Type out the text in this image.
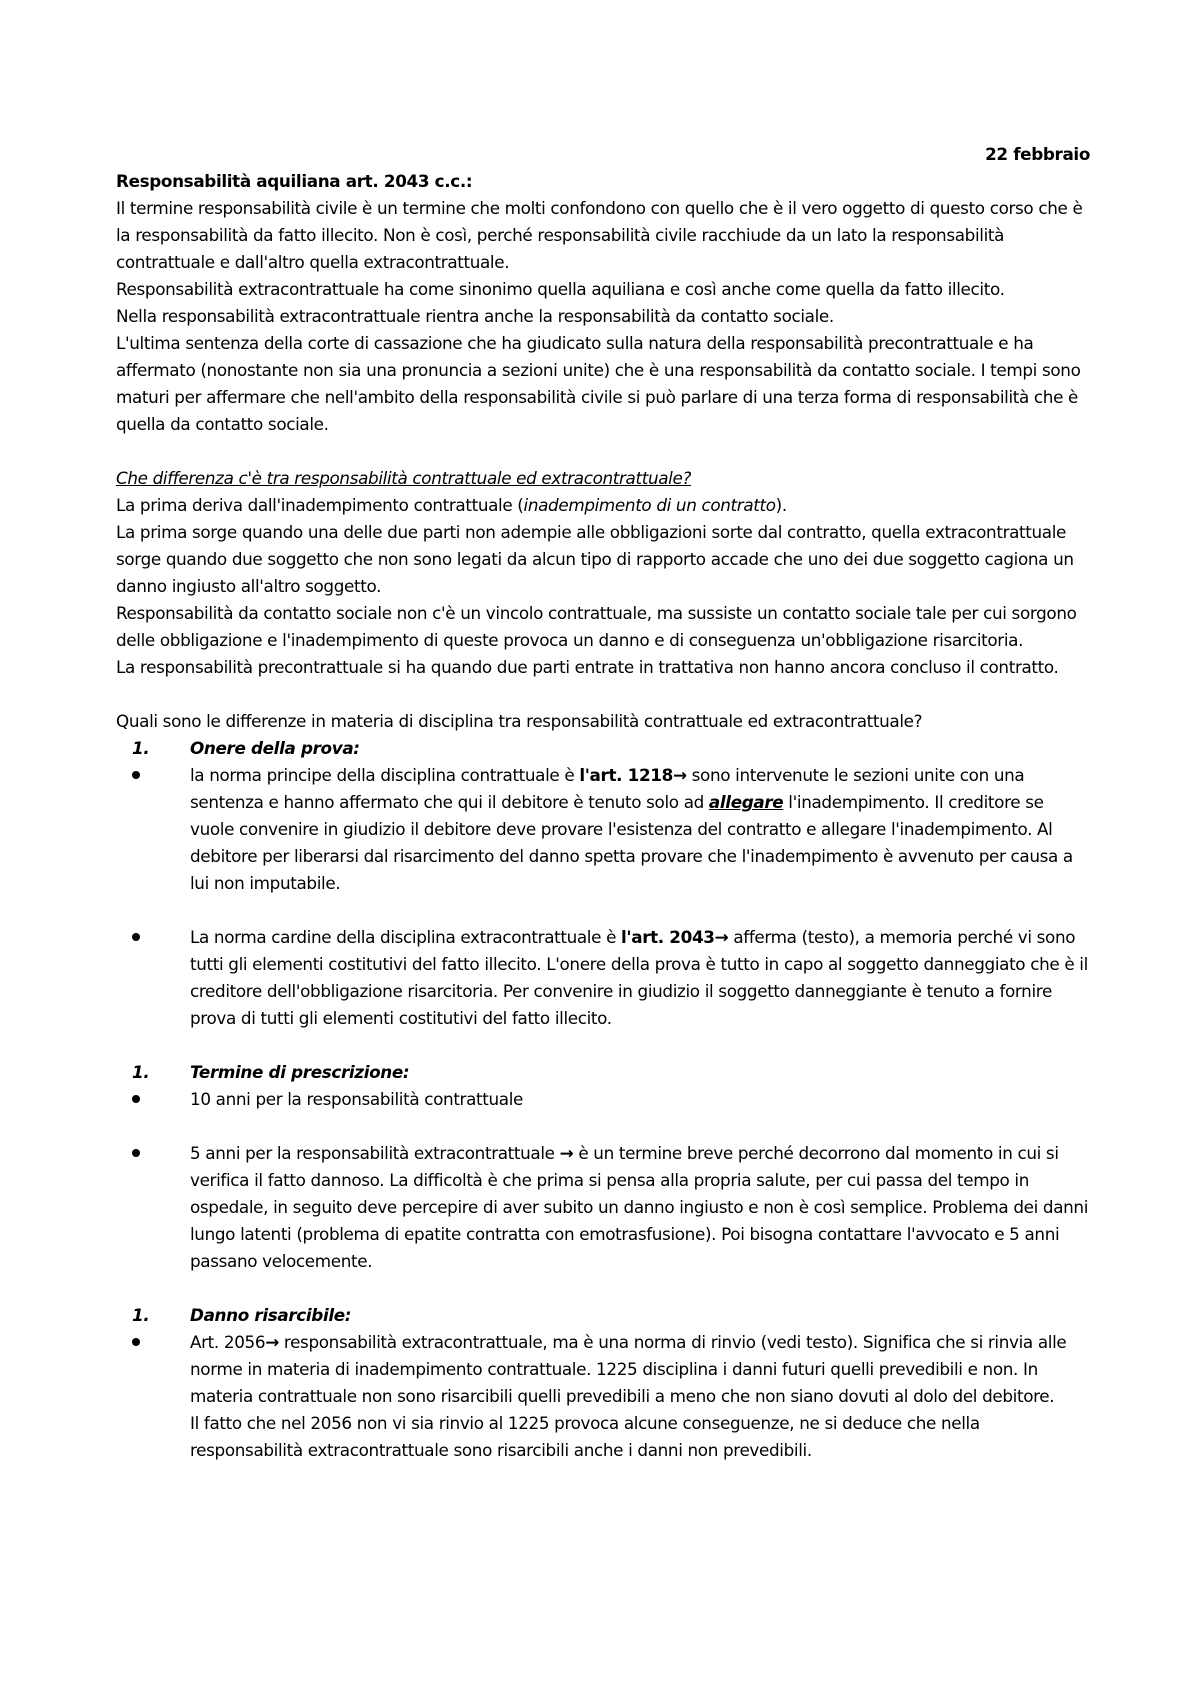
22 febbraio

Responsabilità aquiliana art. 2043 c.c.:

Il termine responsabilità civile è un termine che molti confondono con quello che è il vero oggetto di questo corso che è la responsabilità da fatto illecito. Non è così, perché responsabilità civile racchiude da un lato la responsabilità contrattuale e dall'altro quella extracontrattuale.

Responsabilità extracontrattuale ha come sinonimo quella aquiliana e così anche come quella da fatto illecito.

Nella responsabilità extracontrattuale rientra anche la responsabilità da contatto sociale.

L'ultima sentenza della corte di cassazione che ha giudicato sulla natura della responsabilità precontrattuale e ha affermato (nonostante non sia una pronuncia a sezioni unite) che è una responsabilità da contatto sociale. I tempi sono maturi per affermare che nell'ambito della responsabilità civile si può parlare di una terza forma di responsabilità che è quella da contatto sociale.

Che differenza c'è tra responsabilità contrattuale ed extracontrattuale?

La prima deriva dall'inadempimento contrattuale (inadempimento di un contratto).

La prima sorge quando una delle due parti non adempie alle obbligazioni sorte dal contratto, quella extracontrattuale sorge quando due soggetto che non sono legati da alcun tipo di rapporto accade che uno dei due soggetto cagiona un danno ingiusto all'altro soggetto.

Responsabilità da contatto sociale non c'è un vincolo contrattuale, ma sussiste un contatto sociale tale per cui sorgono delle obbligazione e l'inadempimento di queste provoca un danno e di conseguenza un'obbligazione risarcitoria.

La responsabilità precontrattuale si ha quando due parti entrate in trattativa non hanno ancora concluso il contratto.

Quali sono le differenze in materia di disciplina tra responsabilità contrattuale ed extracontrattuale?

1. Onere della prova:

la norma principe della disciplina contrattuale è l'art. 1218→ sono intervenute le sezioni unite con una sentenza e hanno affermato che qui il debitore è tenuto solo ad allegare l'inadempimento. Il creditore se vuole convenire in giudizio il debitore deve provare l'esistenza del contratto e allegare l'inadempimento. Al debitore per liberarsi dal risarcimento del danno spetta provare che l'inadempimento è avvenuto per causa a lui non imputabile.

La norma cardine della disciplina extracontrattuale è l'art. 2043→ afferma (testo), a memoria perché vi sono tutti gli elementi costitutivi del fatto illecito. L'onere della prova è tutto in capo al soggetto danneggiato che è il creditore dell'obbligazione risarcitoria. Per convenire in giudizio il soggetto danneggiante è tenuto a fornire prova di tutti gli elementi costitutivi del fatto illecito.

1. Termine di prescrizione:

10 anni per la responsabilità contrattuale

5 anni per la responsabilità extracontrattuale → è un termine breve perché decorrono dal momento in cui si verifica il fatto dannoso. La difficoltà è che prima si pensa alla propria salute, per cui passa del tempo in ospedale, in seguito deve percepire di aver subito un danno ingiusto e non è così semplice. Problema dei danni lungo latenti (problema di epatite contratta con emotrasfusione). Poi bisogna contattare l'avvocato e 5 anni passano velocemente.

1. Danno risarcibile:

Art. 2056→ responsabilità extracontrattuale, ma è una norma di rinvio (vedi testo). Significa che si rinvia alle norme in materia di inadempimento contrattuale. 1225 disciplina i danni futuri quelli prevedibili e non. In materia contrattuale non sono risarcibili quelli prevedibili a meno che non siano dovuti al dolo del debitore.

Il fatto che nel 2056 non vi sia rinvio al 1225 provoca alcune conseguenze, ne si deduce che nella responsabilità extracontrattuale sono risarcibili anche i danni non prevedibili.
